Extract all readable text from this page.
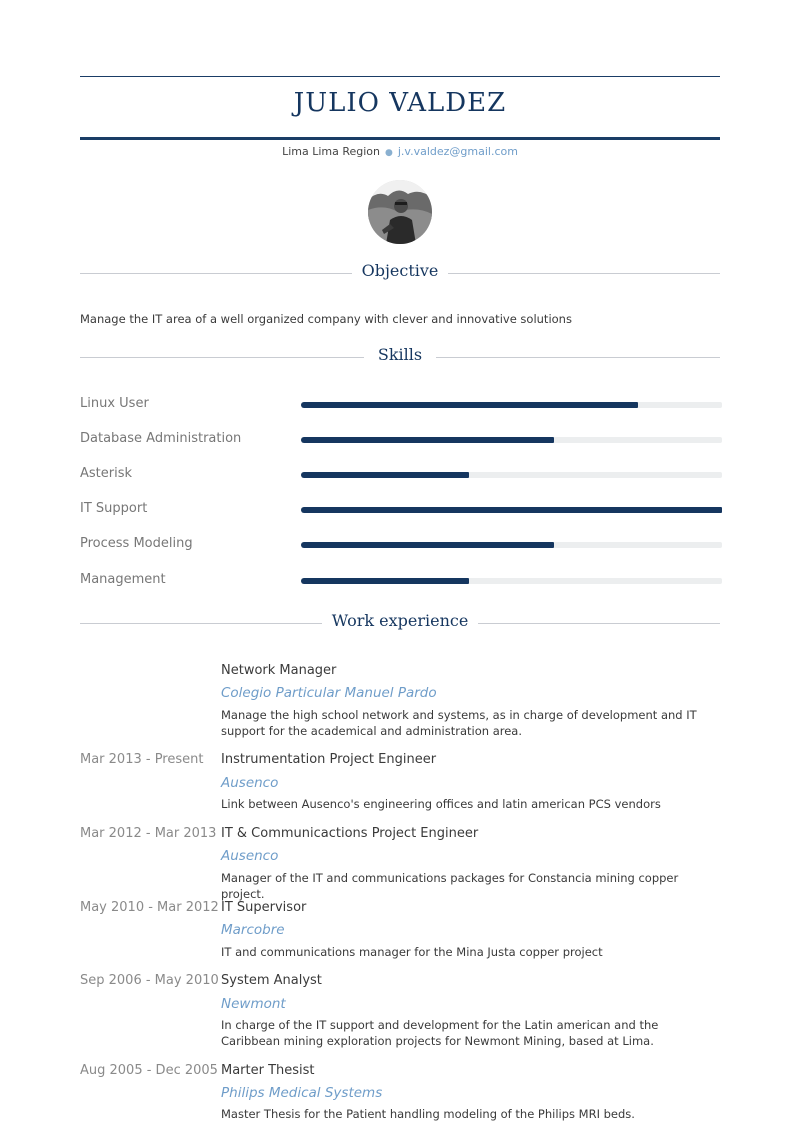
JULIO VALDEZ
Lima Lima Region ● j.v.valdez@gmail.com
Objective
Manage the IT area of a well organized company with clever and innovative solutions
Skills
Linux User
Database Administration
Asterisk
IT Support
Process Modeling
Management
Work experience
Network Manager
Colegio Particular Manuel Pardo
Manage the high school network and systems, as in charge of development and IT support for the academical and administration area.
Mar 2013 - Present Instrumentation Project Engineer
Ausenco
Link between Ausenco's engineering offices and latin american PCS vendors
Mar 2012 - Mar 2013 IT & Communicactions Project Engineer
Ausenco
Manager of the IT and communications packages for Constancia mining copper project.
May 2010 - Mar 2012 IT Supervisor
Marcobre
IT and communications manager for the Mina Justa copper project
Sep 2006 - May 2010 System Analyst
Newmont
In charge of the IT support and development for the Latin american and the Caribbean mining exploration projects for Newmont Mining, based at Lima.
Aug 2005 - Dec 2005 Marter Thesist
Philips Medical Systems
Master Thesis for the Patient handling modeling of the Philips MRI beds.
